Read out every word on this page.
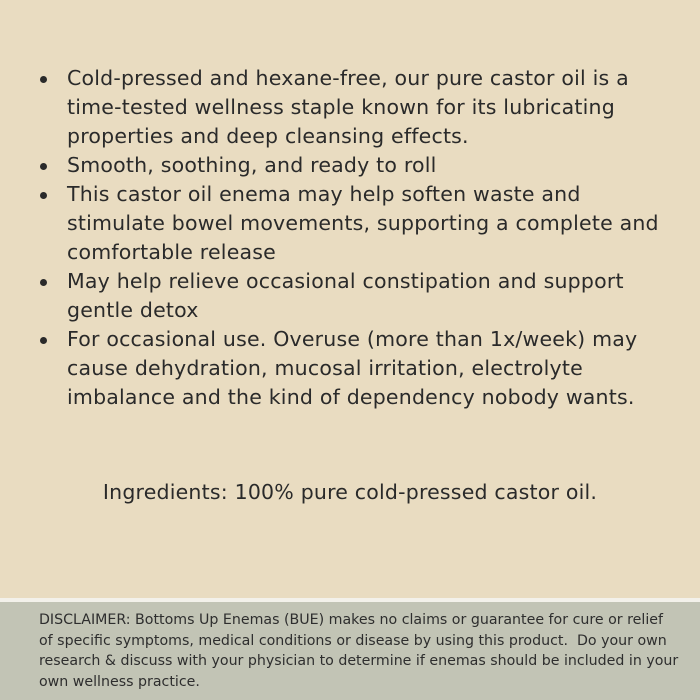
Cold-pressed and hexane-free, our pure castor oil is a time-tested wellness staple known for its lubricating properties and deep cleansing effects.
Smooth, soothing, and ready to roll
This castor oil enema may help soften waste and stimulate bowel movements, supporting a complete and comfortable release
May help relieve occasional constipation and support gentle detox
For occasional use. Overuse (more than 1x/week) may cause dehydration, mucosal irritation, electrolyte imbalance and the kind of dependency nobody wants.

Ingredients: 100% pure cold-pressed castor oil.

DISCLAIMER: Bottoms Up Enemas (BUE) makes no claims or guarantee for cure or relief of specific symptoms, medical conditions or disease by using this product.  Do your own research & discuss with your physician to determine if enemas should be included in your own wellness practice.
